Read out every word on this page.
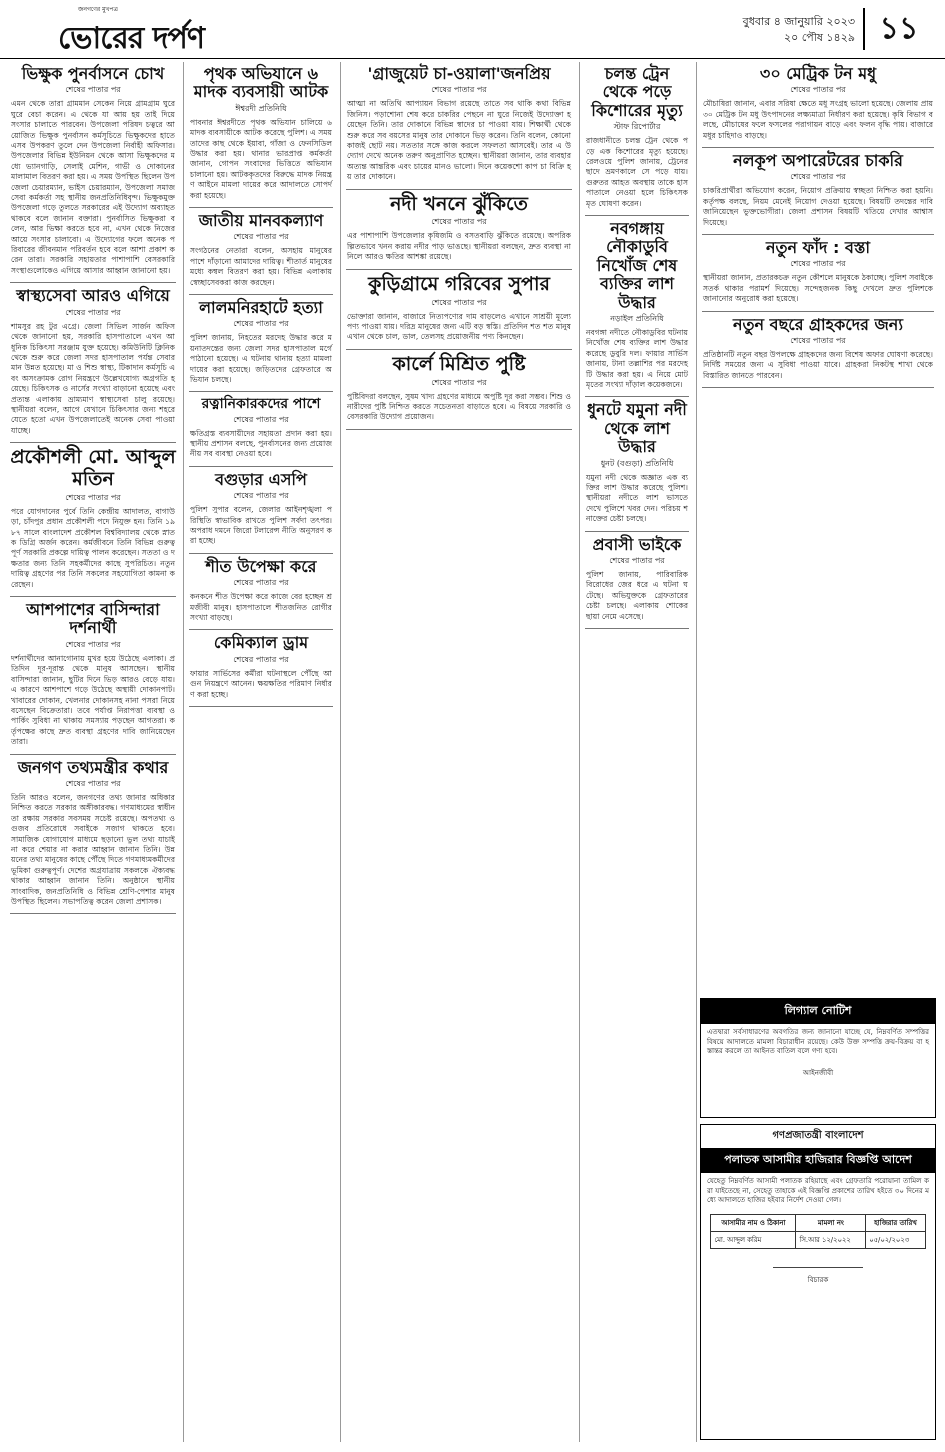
জনগণের মুখপত্র
ভোরের দর্পণ	বুধবার ৪ জানুয়ারি ২০২৩
২০ পৌষ ১৪২৯ ১১
ভিক্ষুক পুনর্বাসনে চোখ
শেষের পাতার পর
এমন থেকে তারা গ্রামমান সেকেন নিয়ে গ্রামগ্রাম ঘুরে ঘুরে বেচা করেন। এ থেকে যা আয় হয় তাই দিয়ে সংসার চালাতে পারবেন। উপজেলা পরিষদ চত্বরে আয়োজিত ভিক্ষুক পুনর্বাসন কর্মসূচিতে ভিক্ষুকদের হাতে এসব উপকরণ তুলে দেন উপজেলা নির্বাহী অফিসার। উপজেলার বিভিন্ন ইউনিয়ন থেকে আসা ভিক্ষুকদের মধ্যে ভ্যানগাড়ি, সেলাই মেশিন, গাভী ও দোকানের মালামাল বিতরণ করা হয়। এ সময় উপস্থিত ছিলেন উপজেলা চেয়ারম্যান, ভাইস চেয়ারম্যান, উপজেলা সমাজসেবা কর্মকর্তা সহ স্থানীয় জনপ্রতিনিধিবৃন্দ। ভিক্ষুকমুক্ত উপজেলা গড়ে তুলতে সরকারের এই উদ্যোগ অব্যাহত থাকবে বলে জানান বক্তারা। পুনর্বাসিত ভিক্ষুকরা বলেন, আর ভিক্ষা করতে হবে না, এখন থেকে নিজের আয়ে সংসার চালাবো। এ উদ্যোগের ফলে অনেক পরিবারের জীবনমান পরিবর্তন হবে বলে আশা প্রকাশ করেন তারা। সরকারি সহায়তার পাশাপাশি বেসরকারি সংস্থাগুলোকেও এগিয়ে আসার আহ্বান জানানো হয়।
স্বাস্থ্যসেবা আরও এগিয়ে
শেষের পাতার পর
শামসুর রহ টুর এগ্রে। জেলা সিভিল সার্জন অফিস থেকে জানানো হয়, সরকারি হাসপাতালে এখন আধুনিক চিকিৎসা সরঞ্জাম যুক্ত হয়েছে। কমিউনিটি ক্লিনিক থেকে শুরু করে জেলা সদর হাসপাতাল পর্যন্ত সেবার মান উন্নত হয়েছে। মা ও শিশু স্বাস্থ্য, টিকাদান কর্মসূচি এবং অসংক্রামক রোগ নিয়ন্ত্রণে উল্লেখযোগ্য অগ্রগতি হয়েছে। চিকিৎসক ও নার্সের সংখ্যা বাড়ানো হয়েছে এবং প্রত্যন্ত এলাকায় ভ্রাম্যমাণ স্বাস্থ্যসেবা চালু রয়েছে। স্থানীয়রা বলেন, আগে যেখানে চিকিৎসার জন্য শহরে যেতে হতো এখন উপজেলাতেই অনেক সেবা পাওয়া যাচ্ছে।
প্রকৌশলী মো. আব্দুল মতিন
শেষের পাতার পর
পরে যোগদানের পুর্বে তিনি কেন্দ্রীয় আদালত, বাগাউড়া, চাঁদপুর প্রধান প্রকৌশলী পদে নিযুক্ত হন। তিনি ১৯৮৭ সালে বাংলাদেশ প্রকৌশল বিশ্ববিদ্যালয় থেকে স্নাতক ডিগ্রি অর্জন করেন। কর্মজীবনে তিনি বিভিন্ন গুরুত্বপূর্ণ সরকারি প্রকল্পে দায়িত্ব পালন করেছেন। সততা ও দক্ষতার জন্য তিনি সহকর্মীদের কাছে সুপরিচিত। নতুন দায়িত্ব গ্রহণের পর তিনি সকলের সহযোগিতা কামনা করেছেন।
আশপাশের বাসিন্দারা দর্শনার্থী
শেষের পাতার পর
দর্শনার্থীদের আনাগোনায় মুখর হয়ে উঠেছে এলাকা। প্রতিদিন দূর-দূরান্ত থেকে মানুষ আসছেন। স্থানীয় বাসিন্দারা জানান, ছুটির দিনে ভিড় আরও বেড়ে যায়। এ কারণে আশপাশে গড়ে উঠেছে অস্থায়ী দোকানপাট। খাবারের দোকান, খেলনার দোকানসহ নানা পসরা নিয়ে বসেছেন বিক্রেতারা। তবে পর্যাপ্ত নিরাপত্তা ব্যবস্থা ও পার্কিং সুবিধা না থাকায় সমস্যায় পড়ছেন আগতরা। কর্তৃপক্ষের কাছে দ্রুত ব্যবস্থা গ্রহণের দাবি জানিয়েছেন তারা।
জনগণ তথ্যমন্ত্রীর কথার
শেষের পাতার পর
তিনি আরও বলেন, জনগণের তথ্য জানার অধিকার নিশ্চিত করতে সরকার অঙ্গীকারবদ্ধ। গণমাধ্যমের স্বাধীনতা রক্ষায় সরকার সবসময় সচেষ্ট রয়েছে। অপতথ্য ও গুজব প্রতিরোধে সবাইকে সজাগ থাকতে হবে। সামাজিক যোগাযোগ মাধ্যমে ছড়ানো ভুল তথ্য যাচাই না করে শেয়ার না করার আহ্বান জানান তিনি। উন্নয়নের তথ্য মানুষের কাছে পৌঁছে দিতে গণমাধ্যমকর্মীদের ভূমিকা গুরুত্বপূর্ণ। দেশের অগ্রযাত্রায় সকলকে ঐক্যবদ্ধ থাকার আহ্বান জানান তিনি। অনুষ্ঠানে স্থানীয় সাংবাদিক, জনপ্রতিনিধি ও বিভিন্ন শ্রেণি-পেশার মানুষ উপস্থিত ছিলেন। সভাপতিত্ব করেন জেলা প্রশাসক।
পৃথক অভিযানে ৬ মাদক ব্যবসায়ী আটক
ঈশ্বরদী প্রতিনিধি
পাবনার ঈশ্বরদীতে পৃথক অভিযান চালিয়ে ৬ মাদক ব্যবসায়ীকে আটক করেছে পুলিশ। এ সময় তাদের কাছ থেকে ইয়াবা, গাঁজা ও ফেনসিডিল উদ্ধার করা হয়। থানার ভারপ্রাপ্ত কর্মকর্তা জানান, গোপন সংবাদের ভিত্তিতে অভিযান চালানো হয়। আটককৃতদের বিরুদ্ধে মাদক নিয়ন্ত্রণ আইনে মামলা দায়ের করে আদালতে সোপর্দ করা হয়েছে।
জাতীয় মানবকল্যাণ
শেষের পাতার পর
সংগঠনের নেতারা বলেন, অসহায় মানুষের পাশে দাঁড়ানো আমাদের দায়িত্ব। শীতার্ত মানুষের মধ্যে কম্বল বিতরণ করা হয়। বিভিন্ন এলাকায় স্বেচ্ছাসেবকরা কাজ করছেন।
লালমনিরহাটে হত্যা
শেষের পাতার পর
পুলিশ জানায়, নিহতের মরদেহ উদ্ধার করে ময়নাতদন্তের জন্য জেলা সদর হাসপাতাল মর্গে পাঠানো হয়েছে। এ ঘটনায় থানায় হত্যা মামলা দায়ের করা হয়েছে। জড়িতদের গ্রেফতারে অভিযান চলছে।
রত্নানিকারকদের পাশে
শেষের পাতার পর
ক্ষতিগ্রস্ত ব্যবসায়ীদের সহায়তা প্রদান করা হয়। স্থানীয় প্রশাসন বলছে, পুনর্বাসনের জন্য প্রয়োজনীয় সব ব্যবস্থা নেওয়া হবে।
বগুড়ার এসপি
শেষের পাতার পর
পুলিশ সুপার বলেন, জেলার আইনশৃঙ্খলা পরিস্থিতি স্বাভাবিক রাখতে পুলিশ সর্বদা তৎপর। অপরাধ দমনে জিরো টলারেন্স নীতি অনুসরণ করা হচ্ছে।
শীত উপেক্ষা করে
শেষের পাতার পর
কনকনে শীত উপেক্ষা করে কাজে বের হচ্ছেন শ্রমজীবী মানুষ। হাসপাতালে শীতজনিত রোগীর সংখ্যা বাড়ছে।
কেমিক্যাল ড্রাম
শেষের পাতার পর
ফায়ার সার্ভিসের কর্মীরা ঘটনাস্থলে পৌঁছে আগুন নিয়ন্ত্রণে আনেন। ক্ষয়ক্ষতির পরিমাণ নির্ধারণ করা হচ্ছে।
'গ্রাজুয়েট চা-ওয়ালা'জনপ্রিয়
শেষের পাতার পর
আত্মা না অতিথি আপ্যায়ন বিভাগ রয়েছে তাতে সব থাকি কথা বিভিন্ন জিনিস। পড়াশোনা শেষ করে চাকরির পেছনে না ঘুরে নিজেই উদ্যোক্তা হয়েছেন তিনি। তার দোকানে বিভিন্ন স্বাদের চা পাওয়া যায়। শিক্ষার্থী থেকে শুরু করে সব বয়সের মানুষ তার দোকানে ভিড় করেন। তিনি বলেন, কোনো কাজই ছোট নয়। সততার সঙ্গে কাজ করলে সফলতা আসবেই। তার এ উদ্যোগ দেখে অনেক তরুণ অনুপ্রাণিত হচ্ছেন। স্থানীয়রা জানান, তার ব্যবহার অত্যন্ত আন্তরিক এবং চায়ের মানও ভালো। দিনে কয়েকশো কাপ চা বিক্রি হয় তার দোকানে।
নদী খননে ঝুঁকিতে
শেষের পাতার পর
এর পাশাপাশি উপজেলার কৃষিজমি ও বসতবাড়ি ঝুঁকিতে রয়েছে। অপরিকল্পিতভাবে খনন করায় নদীর পাড় ভাঙছে। স্থানীয়রা বলছেন, দ্রুত ব্যবস্থা না নিলে আরও ক্ষতির আশঙ্কা রয়েছে।
কুড়িগ্রামে গরিবের সুপার
শেষের পাতার পর
ভোক্তারা জানান, বাজারে নিত্যপণ্যের দাম বাড়লেও এখানে সাশ্রয়ী মূল্যে পণ্য পাওয়া যায়। দরিদ্র মানুষের জন্য এটি বড় স্বস্তি। প্রতিদিন শত শত মানুষ এখান থেকে চাল, ডাল, তেলসহ প্রয়োজনীয় পণ্য কিনছেন।
কার্লে মিশ্রিত পুষ্টি
শেষের পাতার পর
পুষ্টিবিদরা বলছেন, সুষম খাদ্য গ্রহণের মাধ্যমে অপুষ্টি দূর করা সম্ভব। শিশু ও নারীদের পুষ্টি নিশ্চিত করতে সচেতনতা বাড়াতে হবে। এ বিষয়ে সরকারি ও বেসরকারি উদ্যোগ প্রয়োজন।
চলন্ত ট্রেন থেকে পড়ে কিশোরের মৃত্যু
স্টাফ রিপোর্টার
রাজধানীতে চলন্ত ট্রেন থেকে পড়ে এক কিশোরের মৃত্যু হয়েছে। রেলওয়ে পুলিশ জানায়, ট্রেনের ছাদে ভ্রমণকালে সে পড়ে যায়। গুরুতর আহত অবস্থায় তাকে হাসপাতালে নেওয়া হলে চিকিৎসক মৃত ঘোষণা করেন।
নবগঙ্গায় নৌকাডুবি নিখোঁজ শেষ ব্যক্তির লাশ উদ্ধার
নড়াইল প্রতিনিধি
নবগঙ্গা নদীতে নৌকাডুবির ঘটনায় নিখোঁজ শেষ ব্যক্তির লাশ উদ্ধার করেছে ডুবুরি দল। ফায়ার সার্ভিস জানায়, টানা তল্লাশির পর মরদেহটি উদ্ধার করা হয়। এ নিয়ে মোট মৃতের সংখ্যা দাঁড়াল কয়েকজনে।
ধুনটে যমুনা নদী থেকে লাশ উদ্ধার
ধুনট (বগুড়া) প্রতিনিধি
যমুনা নদী থেকে অজ্ঞাত এক ব্যক্তির লাশ উদ্ধার করেছে পুলিশ। স্থানীয়রা নদীতে লাশ ভাসতে দেখে পুলিশে খবর দেন। পরিচয় শনাক্তের চেষ্টা চলছে।
প্রবাসী ভাইকে
শেষের পাতার পর
পুলিশ জানায়, পারিবারিক বিরোধের জের ধরে এ ঘটনা ঘটেছে। অভিযুক্তকে গ্রেফতারের চেষ্টা চলছে। এলাকায় শোকের ছায়া নেমে এসেছে।
৩০ মেট্রিক টন মধু
শেষের পাতার পর
মৌচাষিরা জানান, এবার সরিষা ক্ষেতে মধু সংগ্রহ ভালো হয়েছে। জেলায় প্রায় ৩০ মেট্রিক টন মধু উৎপাদনের লক্ষ্যমাত্রা নির্ধারণ করা হয়েছে। কৃষি বিভাগ বলছে, মৌচাষের ফলে ফসলের পরাগায়ন বাড়ে এবং ফলন বৃদ্ধি পায়। বাজারে মধুর চাহিদাও বাড়ছে।
নলকূপ অপারেটরের চাকরি
শেষের পাতার পর
চাকরিপ্রার্থীরা অভিযোগ করেন, নিয়োগ প্রক্রিয়ায় স্বচ্ছতা নিশ্চিত করা হয়নি। কর্তৃপক্ষ বলছে, নিয়ম মেনেই নিয়োগ দেওয়া হয়েছে। বিষয়টি তদন্তের দাবি জানিয়েছেন ভুক্তভোগীরা। জেলা প্রশাসন বিষয়টি খতিয়ে দেখার আশ্বাস দিয়েছে।
নতুন ফাঁদ : বস্তা
শেষের পাতার পর
স্থানীয়রা জানান, প্রতারকচক্র নতুন কৌশলে মানুষকে ঠকাচ্ছে। পুলিশ সবাইকে সতর্ক থাকার পরামর্শ দিয়েছে। সন্দেহজনক কিছু দেখলে দ্রুত পুলিশকে জানানোর অনুরোধ করা হয়েছে।
নতুন বছরে গ্রাহকদের জন্য
শেষের পাতার পর
প্রতিষ্ঠানটি নতুন বছর উপলক্ষে গ্রাহকদের জন্য বিশেষ অফার ঘোষণা করেছে। নির্দিষ্ট সময়ের জন্য এ সুবিধা পাওয়া যাবে। গ্রাহকরা নিকটস্থ শাখা থেকে বিস্তারিত জানতে পারবেন।
লিগ্যাল নোটিশ
এতদ্বারা সর্বসাধারণের অবগতির জন্য জানানো যাচ্ছে যে, নিম্নবর্ণিত সম্পত্তির বিষয়ে আদালতে মামলা বিচারাধীন রয়েছে। কেউ উক্ত সম্পত্তি ক্রয়-বিক্রয় বা হস্তান্তর করলে তা আইনত বাতিল বলে গণ্য হবে।
আইনজীবী
গণপ্রজাতন্ত্রী বাংলাদেশ
পলাতক আসামীর হাজিরার বিজ্ঞপ্তি আদেশ
যেহেতু নিম্নবর্ণিত আসামী পলাতক রহিয়াছে এবং গ্রেফতারি পরোয়ানা তামিল করা যাইতেছে না, সেহেতু তাহাকে এই বিজ্ঞপ্তি প্রকাশের তারিখ হইতে ৩০ দিনের মধ্যে আদালতে হাজির হইবার নির্দেশ দেওয়া গেল।
আসামীর নাম ও ঠিকানা	মামলা নং	হাজিরার তারিখ
মো. আব্দুল করিম	সি.আর ১২/২০২২	০৫/০২/২০২৩
বিচারক
